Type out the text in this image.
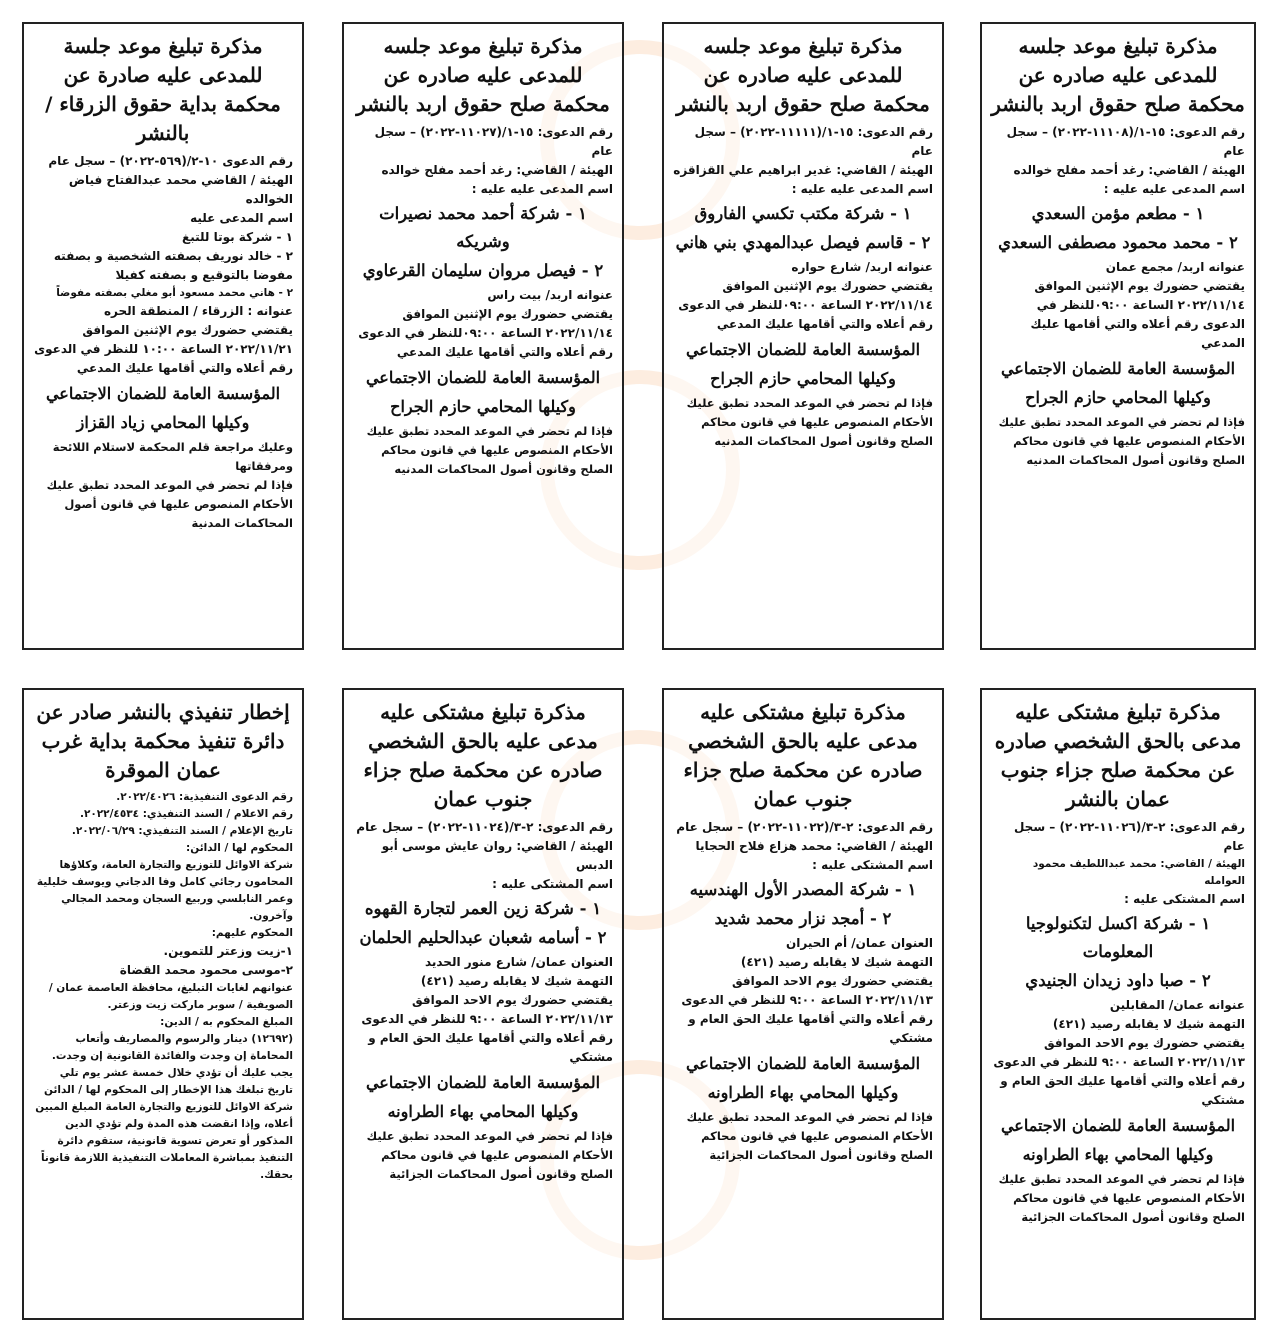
مذكرة تبليغ موعد جلسه للمدعى عليه صادره عن محكمة صلح حقوق اربد بالنشر
رقم الدعوى: ١٥-١/(١١١٠٨-٢٠٢٢) – سجل عام
الهيئة / القاضي: رغد أحمد مفلح خوالده
اسم المدعى عليه عليه :
١ - مطعم مؤمن السعدي
٢ - محمد محمود مصطفى السعدي
عنوانه اربد/ مجمع عمان
يقتضي حضورك يوم الإثنين الموافق ٢٠٢٢/١١/١٤ الساعة ٠٩:٠٠للنظر في الدعوى رقم أعلاه والتي أقامها عليك المدعي
المؤسسة العامة للضمان الاجتماعي
وكيلها المحامي حازم الجراح
فإذا لم تحضر في الموعد المحدد تطبق عليك الأحكام المنصوص عليها في قانون محاكم الصلح وقانون أصول المحاكمات المدنيه
مذكرة تبليغ موعد جلسه للمدعى عليه صادره عن محكمة صلح حقوق اربد بالنشر
رقم الدعوى: ١٥-١/(١١١١١-٢٠٢٢) – سجل عام
الهيئة / القاضي: غدير ابراهيم علي القزاقزه
اسم المدعى عليه عليه :
١ - شركة مكتب تكسي الفاروق
٢ - قاسم فيصل عبدالمهدي بني هاني
عنوانه اربد/ شارع حواره
يقتضي حضورك يوم الإثنين الموافق ٢٠٢٢/١١/١٤ الساعة ٠٩:٠٠للنظر في الدعوى رقم أعلاه والتي أقامها عليك المدعي
المؤسسة العامة للضمان الاجتماعي
وكيلها المحامي حازم الجراح
فإذا لم تحضر في الموعد المحدد تطبق عليك الأحكام المنصوص عليها في قانون محاكم الصلح وقانون أصول المحاكمات المدنيه
مذكرة تبليغ موعد جلسه للمدعى عليه صادره عن محكمة صلح حقوق اربد بالنشر
رقم الدعوى: ١٥-١/(١١٠٢٧-٢٠٢٢) – سجل عام
الهيئة / القاضي: رغد أحمد مفلح خوالده
اسم المدعى عليه عليه :
١ - شركة أحمد محمد نصيرات وشريكه
٢ - فيصل مروان سليمان القرعاوي
عنوانه اربد/ بيت راس
يقتضي حضورك يوم الإثنين الموافق ٢٠٢٢/١١/١٤ الساعة ٠٩:٠٠للنظر في الدعوى رقم أعلاه والتي أقامها عليك المدعي
المؤسسة العامة للضمان الاجتماعي
وكيلها المحامي حازم الجراح
فإذا لم تحضر في الموعد المحدد تطبق عليك الأحكام المنصوص عليها في قانون محاكم الصلح وقانون أصول المحاكمات المدنيه
مذكرة تبليغ موعد جلسة للمدعى عليه صادرة عن محكمة بداية حقوق الزرقاء / بالنشر
رقم الدعوى ١٠-٢/(٥٦٩-٢٠٢٢) – سجل عام
الهيئة / القاضي محمد عبدالفتاح فياض الخوالده
اسم المدعى عليه
١ - شركة بوتا للتبغ
٢ - خالد نوريف بصفته الشخصية و بصفته مفوضا بالتوقيع و بصفته كفيلا
٢ - هاني محمد مسعود أبو مغلي بصفته مفوضاً
عنوانه : الزرقاء / المنطقة الحره
يقتضي حضورك يوم الإثنين الموافق ٢٠٢٢/١١/٢١ الساعة ١٠:٠٠ للنظر في الدعوى رقم أعلاه والتي أقامها عليك المدعي
المؤسسة العامة للضمان الاجتماعي
وكيلها المحامي زياد القزاز
وعليك مراجعة قلم المحكمة لاستلام اللائحة ومرفقاتها
فإذا لم تحضر في الموعد المحدد تطبق عليك الأحكام المنصوص عليها في قانون أصول المحاكمات المدنية
مذكرة تبليغ مشتكى عليه مدعى بالحق الشخصي صادره عن محكمة صلح جزاء جنوب عمان بالنشر
رقم الدعوى: ٢-٣/(١١٠٢٦-٢٠٢٢) – سجل عام
الهيئة / القاضي: محمد عبداللطيف محمود العوامله
اسم المشتكى عليه :
١ - شركة اكسل لتكنولوجيا المعلومات
٢ - صبا داود زيدان الجنيدي
عنوانه عمان/ المقابلين
التهمة شيك لا يقابله رصيد (٤٢١)
يقتضي حضورك يوم الاحد الموافق ٢٠٢٢/١١/١٣ الساعة ٩:٠٠ للنظر في الدعوى رقم أعلاه والتي أقامها عليك الحق العام و مشتكي
المؤسسة العامة للضمان الاجتماعي
وكيلها المحامي بهاء الطراونه
فإذا لم تحضر في الموعد المحدد تطبق عليك الأحكام المنصوص عليها في قانون محاكم الصلح وقانون أصول المحاكمات الجزائية
مذكرة تبليغ مشتكى عليه مدعى عليه بالحق الشخصي صادره عن محكمة صلح جزاء جنوب عمان
رقم الدعوى: ٢-٣/(١١٠٢٢-٢٠٢٢) – سجل عام
الهيئة / القاضي: محمد هزاع فلاح الحجايا
اسم المشتكى عليه :
١ - شركة المصدر الأول الهندسيه
٢ - أمجد نزار محمد شديد
العنوان عمان/ أم الحيران
التهمة شيك لا يقابله رصيد (٤٢١)
يقتضي حضورك يوم الاحد الموافق ٢٠٢٢/١١/١٣ الساعة ٩:٠٠ للنظر في الدعوى رقم أعلاه والتي أقامها عليك الحق العام و مشتكي
المؤسسة العامة للضمان الاجتماعي
وكيلها المحامي بهاء الطراونه
فإذا لم تحضر في الموعد المحدد تطبق عليك الأحكام المنصوص عليها في قانون محاكم الصلح وقانون أصول المحاكمات الجزائية
مذكرة تبليغ مشتكى عليه مدعى عليه بالحق الشخصي صادره عن محكمة صلح جزاء جنوب عمان
رقم الدعوى: ٢-٣/(١١٠٢٤-٢٠٢٢) – سجل عام
الهيئة / القاضي: روان عايش موسى أبو الدبس
اسم المشتكى عليه :
١ - شركة زين العمر لتجارة القهوه
٢ - أسامه شعبان عبدالحليم الحلمان
العنوان عمان/ شارع منور الحديد
التهمة شيك لا يقابله رصيد (٤٢١)
يقتضي حضورك يوم الاحد الموافق ٢٠٢٢/١١/١٣ الساعة ٩:٠٠ للنظر في الدعوى رقم أعلاه والتي أقامها عليك الحق العام و مشتكي
المؤسسة العامة للضمان الاجتماعي
وكيلها المحامي بهاء الطراونه
فإذا لم تحضر في الموعد المحدد تطبق عليك الأحكام المنصوص عليها في قانون محاكم الصلح وقانون أصول المحاكمات الجزائية
إخطار تنفيذي بالنشر صادر عن دائرة تنفيذ محكمة بداية غرب عمان الموقرة
رقم الدعوى التنفيذية: ٢٠٢٢/٤٠٢٦.
رقم الاعلام / السند التنفيذي: ٢٠٢٢/٤٥٣٤.
تاريخ الإعلام / السند التنفيذي: ٢٠٢٢/٠٦/٢٩.
المحكوم لها / الدائن:
شركة الاوائل للتوزيع والتجارة العامة، وكلاؤها المحامون رجائي كامل وفا الدجاني ويوسف خليلية وعمر النابلسي وربيع السجان ومحمد المجالي وآخرون.
المحكوم عليهم:
١-زيت وزعتر للتموين.
٢-موسى محمود محمد القضاة
عنوانهم لغايات التبليغ، محافظة العاصمة عمان / الصويفية / سوبر ماركت زيت وزعتر.
المبلغ المحكوم به / الدين:
(١٢٦٩٢) دينار والرسوم والمصاريف وأتعاب المحاماة إن وجدت والفائدة القانونية إن وجدت.
يجب عليك أن تؤدي خلال خمسة عشر يوم تلي تاريخ تبلغك هذا الإخطار إلى المحكوم لها / الدائن شركة الاوائل للتوزيع والتجارة العامة المبلغ المبين أعلاه، وإذا انقضت هذه المدة ولم تؤدي الدين المذكور أو تعرض تسوية قانونية، ستقوم دائرة التنفيذ بمباشرة المعاملات التنفيذية اللازمة قانوناً بحقك.
